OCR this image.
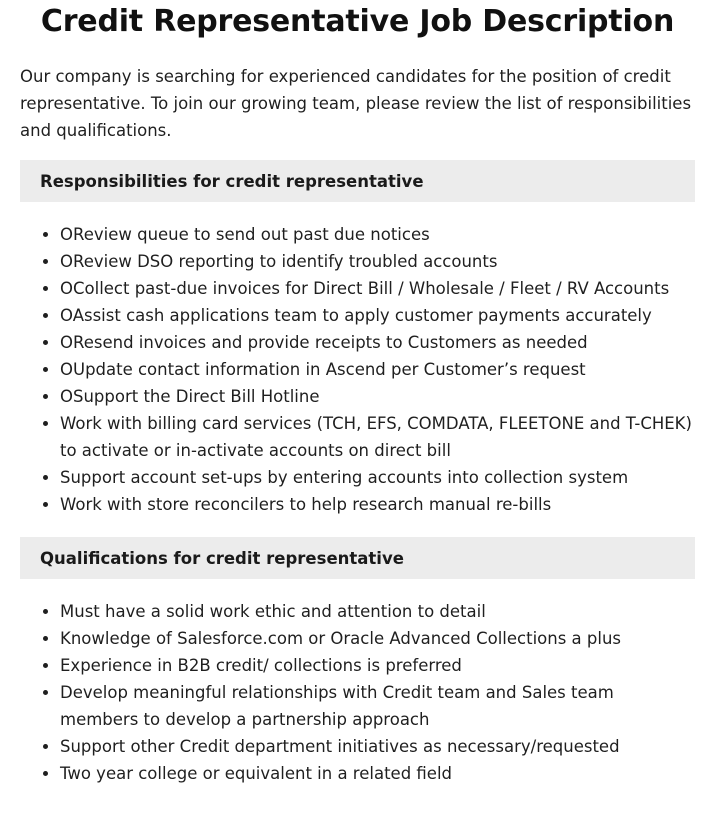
Credit Representative Job Description

Our company is searching for experienced candidates for the position of credit representative. To join our growing team, please review the list of responsibilities and qualifications.

Responsibilities for credit representative
• OReview queue to send out past due notices
• OReview DSO reporting to identify troubled accounts
• OCollect past-due invoices for Direct Bill / Wholesale / Fleet / RV Accounts
• OAssist cash applications team to apply customer payments accurately
• OResend invoices and provide receipts to Customers as needed
• OUpdate contact information in Ascend per Customer’s request
• OSupport the Direct Bill Hotline
• Work with billing card services (TCH, EFS, COMDATA, FLEETONE and T-CHEK) to activate or in-activate accounts on direct bill
• Support account set-ups by entering accounts into collection system
• Work with store reconcilers to help research manual re-bills
Qualifications for credit representative
• Must have a solid work ethic and attention to detail
• Knowledge of Salesforce.com or Oracle Advanced Collections a plus
• Experience in B2B credit/ collections is preferred
• Develop meaningful relationships with Credit team and Sales team members to develop a partnership approach
• Support other Credit department initiatives as necessary/requested
• Two year college or equivalent in a related field
